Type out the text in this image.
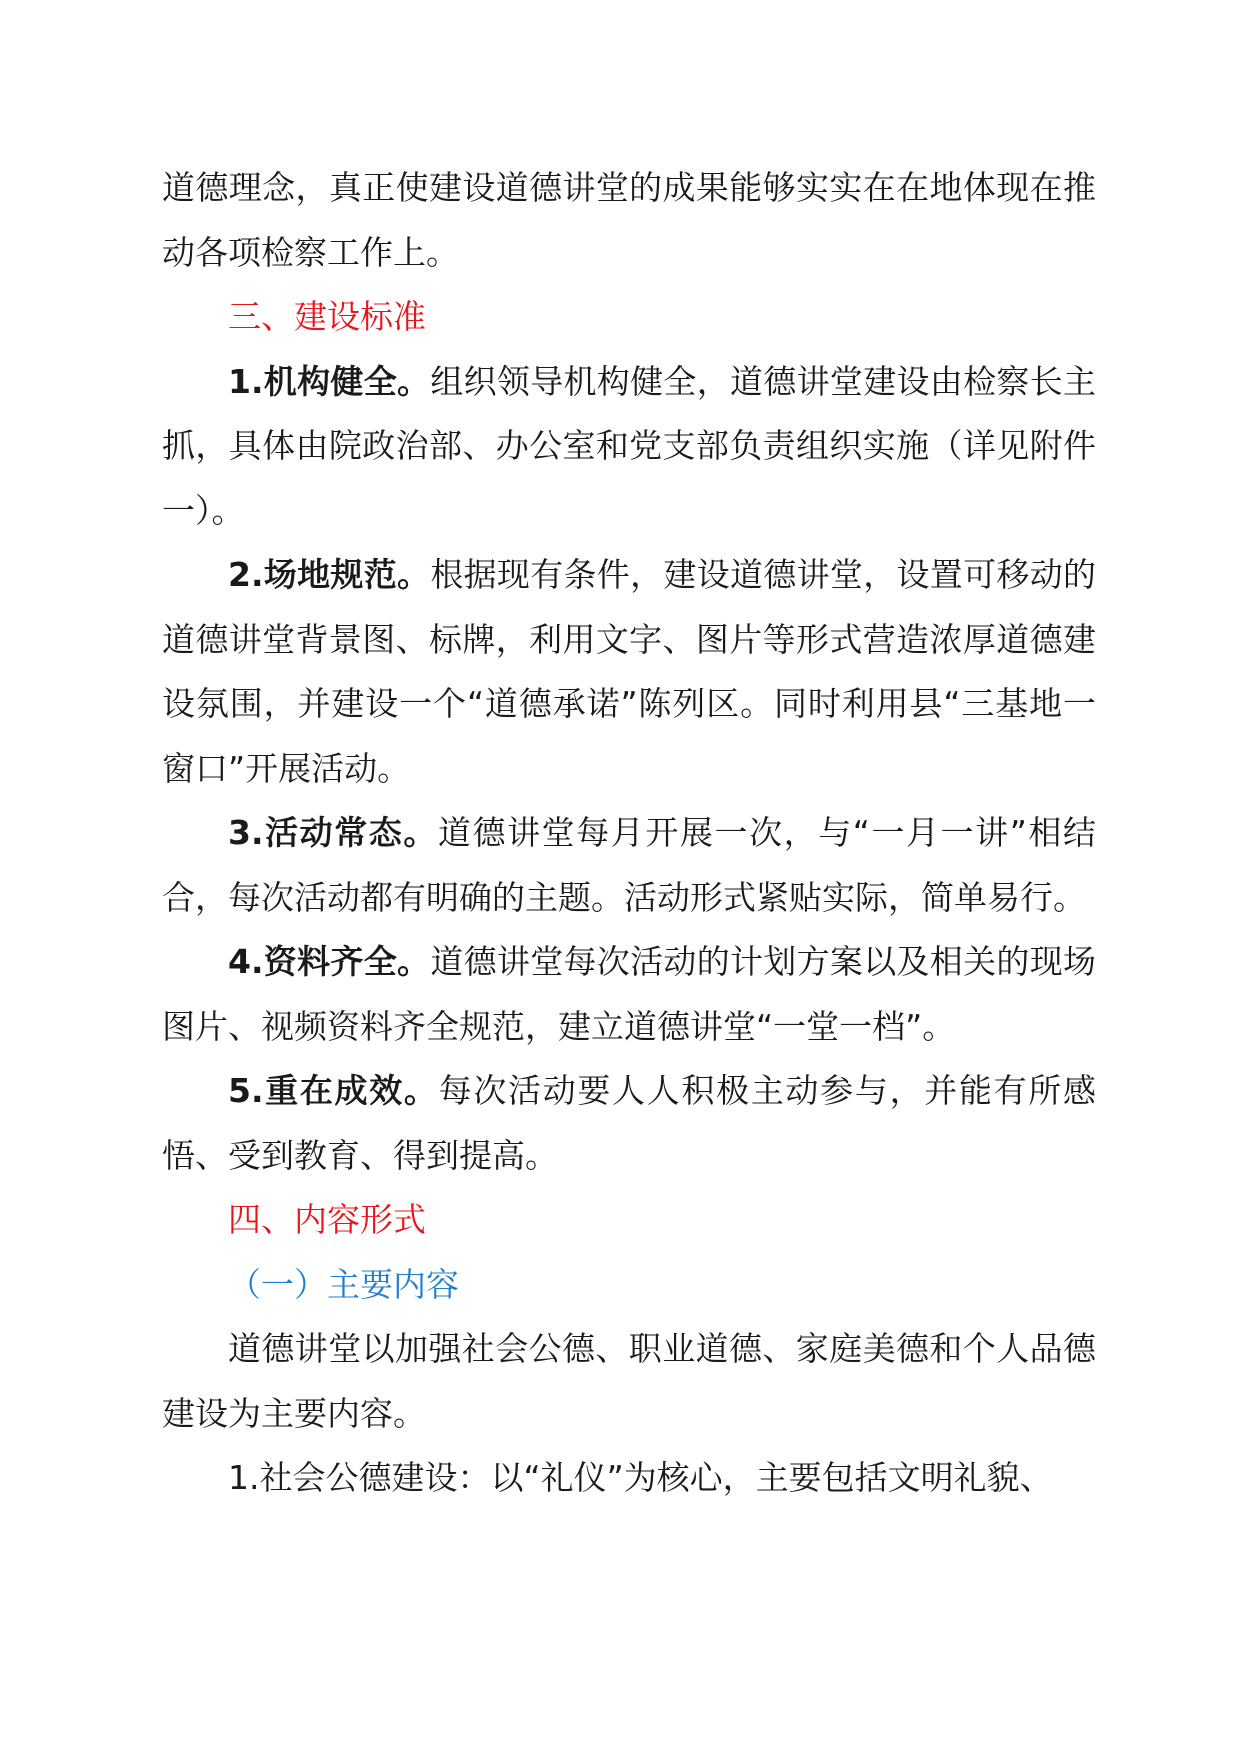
道德理念，真正使建设道德讲堂的成果能够实实在在地体现在推动各项检察工作上。

三、建设标准

1.机构健全。组织领导机构健全，道德讲堂建设由检察长主抓，具体由院政治部、办公室和党支部负责组织实施（详见附件一）。

2.场地规范。根据现有条件，建设道德讲堂，设置可移动的道德讲堂背景图、标牌，利用文字、图片等形式营造浓厚道德建设氛围，并建设一个“道德承诺”陈列区。同时利用县“三基地一窗口”开展活动。

3.活动常态。道德讲堂每月开展一次，与“一月一讲”相结合，每次活动都有明确的主题。活动形式紧贴实际，简单易行。

4.资料齐全。道德讲堂每次活动的计划方案以及相关的现场图片、视频资料齐全规范，建立道德讲堂“一堂一档”。

5.重在成效。每次活动要人人积极主动参与，并能有所感悟、受到教育、得到提高。

四、内容形式

（一）主要内容

道德讲堂以加强社会公德、职业道德、家庭美德和个人品德建设为主要内容。

1.社会公德建设：以“礼仪”为核心，主要包括文明礼貌、
